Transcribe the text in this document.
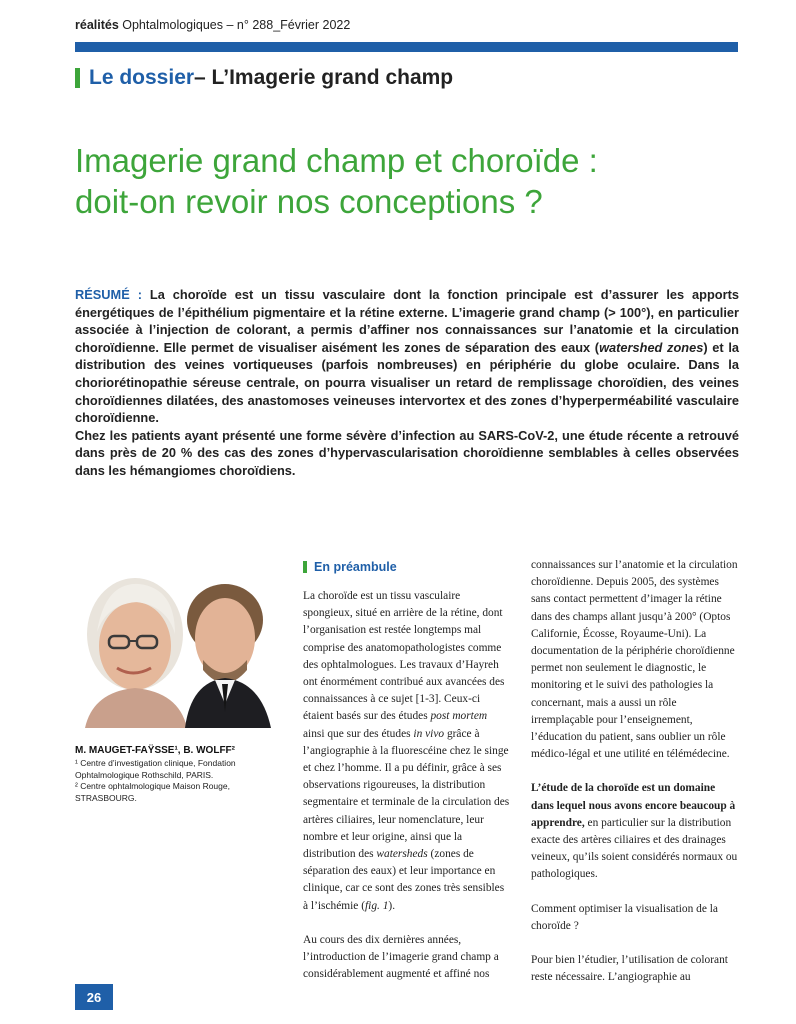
réalités Ophtalmologiques – n° 288_Février 2022
Le dossier – L’Imagerie grand champ
Imagerie grand champ et choroïde :
doit-on revoir nos conceptions ?

RÉSUMÉ : La choroïde est un tissu vasculaire dont la fonction principale est d’assurer les apports énergétiques de l’épithélium pigmentaire et la rétine externe. L’imagerie grand champ (> 100°), en particulier associée à l’injection de colorant, a permis d’affiner nos connaissances sur l’anatomie et la circulation choroïdienne. Elle permet de visualiser aisément les zones de séparation des eaux (watershed zones) et la distribution des veines vortiqueuses (parfois nombreuses) en périphérie du globe oculaire. Dans la choriorétinopathie séreuse centrale, on pourra visualiser un retard de remplissage choroïdien, des veines choroïdiennes dilatées, des anastomoses veineuses intervortex et des zones d’hyperperméabilité vasculaire choroïdienne.

Chez les patients ayant présenté une forme sévère d’infection au SARS-CoV-2, une étude récente a retrouvé dans près de 20 % des cas des zones d’hypervascularisation choroïdienne semblables à celles observées dans les hémangiomes choroïdiens.

M. MAUGET-FAŸSSE¹, B. WOLFF²

¹ Centre d’investigation clinique, Fondation Ophtalmologique Rothschild, PARIS.

² Centre ophtalmologique Maison Rouge, STRASBOURG.

En préambule

La choroïde est un tissu vasculaire spongieux, situé en arrière de la rétine, dont l’organisation est restée longtemps mal comprise des anatomopathologistes comme des ophtalmologues. Les travaux d’Hayreh ont énormément contribué aux avancées des connaissances à ce sujet [1-3]. Ceux-ci étaient basés sur des études post mortem ainsi que sur des études in vivo grâce à l’angiographie à la fluorescéine chez le singe et chez l’homme. Il a pu définir, grâce à ses observations rigoureuses, la distribution segmentaire et terminale de la circulation des artères ciliaires, leur nomenclature, leur nombre et leur origine, ainsi que la distribution des watersheds (zones de séparation des eaux) et leur importance en clinique, car ce sont des zones très sensibles à l’ischémie (fig. 1).

Au cours des dix dernières années, l’introduction de l’imagerie grand champ a considérablement augmenté et affiné nos

connaissances sur l’anatomie et la circulation choroïdienne. Depuis 2005, des systèmes sans contact permettent d’imager la rétine dans des champs allant jusqu’à 200° (Optos Californie, Écosse, Royaume-Uni). La documentation de la périphérie choroïdienne permet non seulement le diagnostic, le monitoring et le suivi des pathologies la concernant, mais a aussi un rôle irremplaçable pour l’enseignement, l’éducation du patient, sans oublier un rôle médico-légal et une utilité en télémédecine.

L’étude de la choroïde est un domaine dans lequel nous avons encore beaucoup à apprendre, en particulier sur la distribution exacte des artères ciliaires et des drainages veineux, qu’ils soient considérés normaux ou pathologiques.

Comment optimiser la visualisation de la choroïde ?

Pour bien l’étudier, l’utilisation de colorant reste nécessaire. L’angiographie au

26
